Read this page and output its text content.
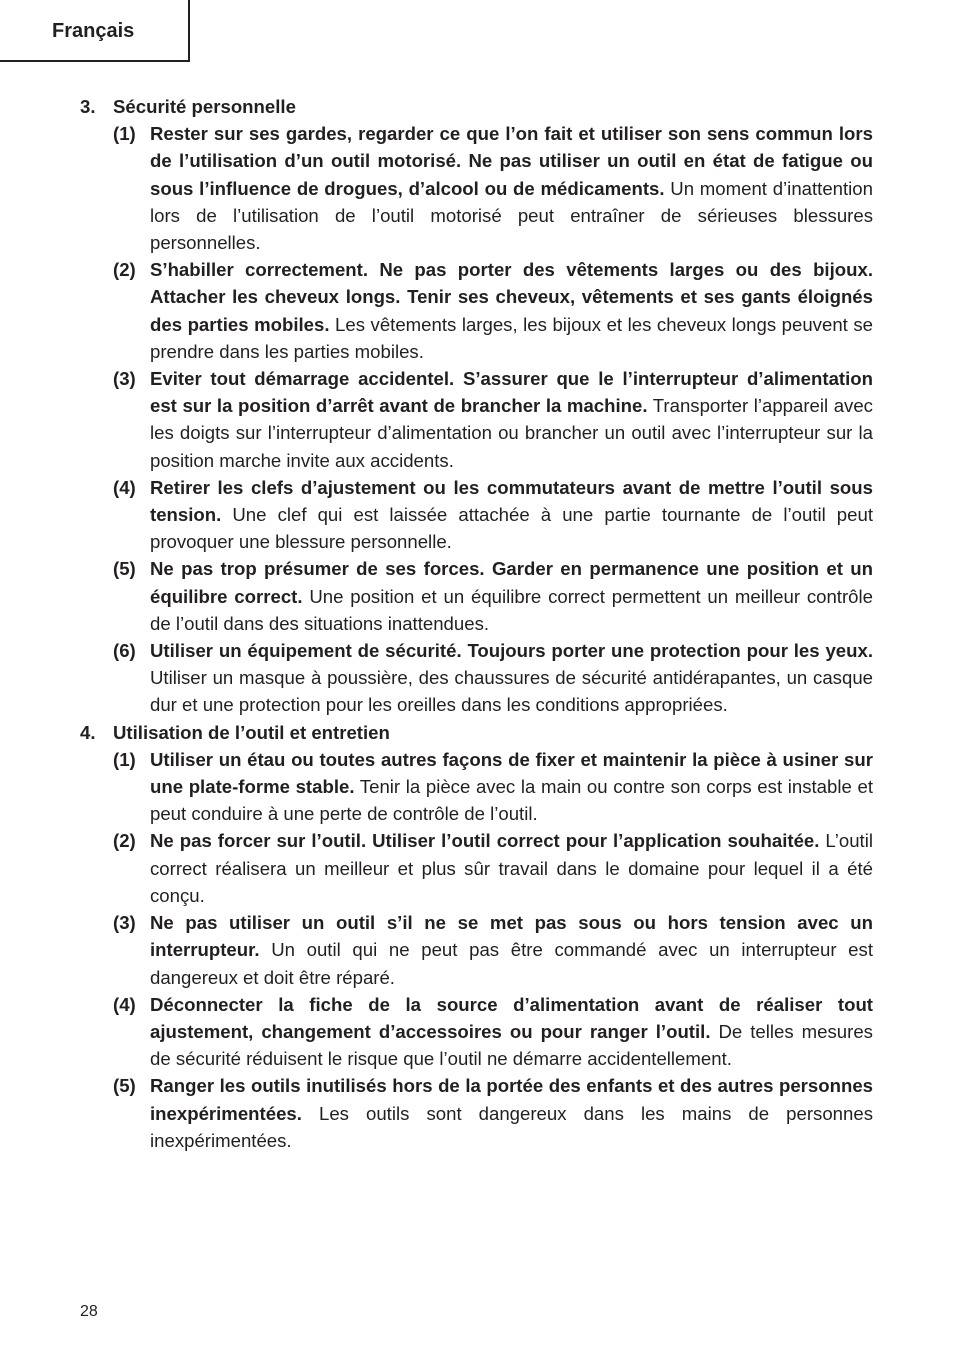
Français
3. Sécurité personnelle
(1) Rester sur ses gardes, regarder ce que l’on fait et utiliser son sens commun lors de l’utilisation d’un outil motorisé. Ne pas utiliser un outil en état de fatigue ou sous l’influence de drogues, d’alcool ou de médicaments. Un moment d’inattention lors de l’utilisation de l’outil motorisé peut entraîner de sérieuses blessures personnelles.
(2) S’habiller correctement. Ne pas porter des vêtements larges ou des bijoux. Attacher les cheveux longs. Tenir ses cheveux, vêtements et ses gants éloignés des parties mobiles. Les vêtements larges, les bijoux et les cheveux longs peuvent se prendre dans les parties mobiles.
(3) Eviter tout démarrage accidentel. S’assurer que le l’interrupteur d’alimentation est sur la position d’arrêt avant de brancher la machine. Transporter l’appareil avec les doigts sur l’interrupteur d’alimentation ou brancher un outil avec l’interrupteur sur la position marche invite aux accidents.
(4) Retirer les clefs d’ajustement ou les commutateurs avant de mettre l’outil sous tension. Une clef qui est laissée attachée à une partie tournante de l’outil peut provoquer une blessure personnelle.
(5) Ne pas trop présumer de ses forces. Garder en permanence une position et un équilibre correct. Une position et un équilibre correct permettent un meilleur contrôle de l’outil dans des situations inattendues.
(6) Utiliser un équipement de sécurité. Toujours porter une protection pour les yeux. Utiliser un masque à poussière, des chaussures de sécurité antidérapantes, un casque dur et une protection pour les oreilles dans les conditions appropriées.
4. Utilisation de l’outil et entretien
(1) Utiliser un étau ou toutes autres façons de fixer et maintenir la pièce à usiner sur une plate-forme stable. Tenir la pièce avec la main ou contre son corps est instable et peut conduire à une perte de contrôle de l’outil.
(2) Ne pas forcer sur l’outil. Utiliser l’outil correct pour l’application souhaitée. L’outil correct réalisera un meilleur et plus sûr travail dans le domaine pour lequel il a été conçu.
(3) Ne pas utiliser un outil s’il ne se met pas sous ou hors tension avec un interrupteur. Un outil qui ne peut pas être commandé avec un interrupteur est dangereux et doit être réparé.
(4) Déconnecter la fiche de la source d’alimentation avant de réaliser tout ajustement, changement d’accessoires ou pour ranger l’outil. De telles mesures de sécurité réduisent le risque que l’outil ne démarre accidentellement.
(5) Ranger les outils inutilisés hors de la portée des enfants et des autres personnes inexpérimentées. Les outils sont dangereux dans les mains de personnes inexpérimentées.
28
